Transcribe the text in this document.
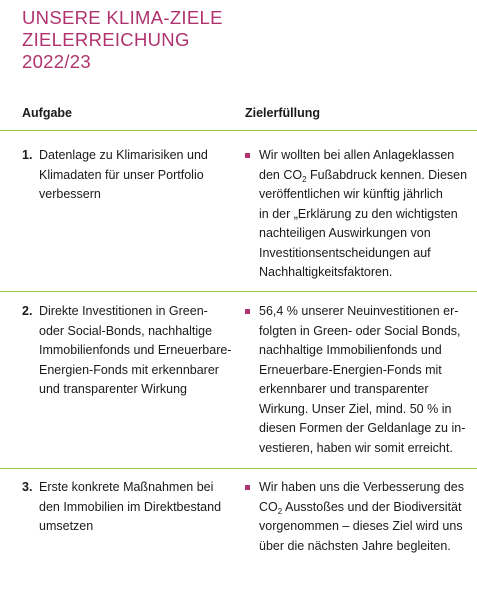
UNSERE KLIMA-ZIELE
ZIELERREICHUNG
2022/23
Aufgabe	Zielerfüllung
1. Datenlage zu Klimarisiken und
Klimadaten für unser Portfolio
verbessern
Wir wollten bei allen Anlageklassen
den $CO_2$ Fußabdruck kennen. Diesen
veröffentlichen wir künftig jährlich
in der „Erklärung zu den wichtigsten
nachteiligen Auswirkungen von
Investitionsentscheidungen auf
Nachhaltigkeitsfaktoren.
2. Direkte Investitionen in Green-
oder Social-Bonds, nachhaltige
Immobilienfonds und Erneuerbare-
Energien-Fonds mit erkennbarer
und transparenter Wirkung
56,4 % unserer Neuinvestitionen er-
folgten in Green- oder Social Bonds,
nachhaltige Immobilienfonds und
Erneuerbare-Energien-Fonds mit
erkennbarer und transparenter
Wirkung. Unser Ziel, mind. 50 % in
diesen Formen der Geldanlage zu in-
vestieren, haben wir somit erreicht.
3. Erste konkrete Maßnahmen bei
den Immobilien im Direktbestand
umsetzen
Wir haben uns die Verbesserung des
$CO_2$ Ausstoßes und der Biodiversität
vorgenommen – dieses Ziel wird uns
über die nächsten Jahre begleiten.
